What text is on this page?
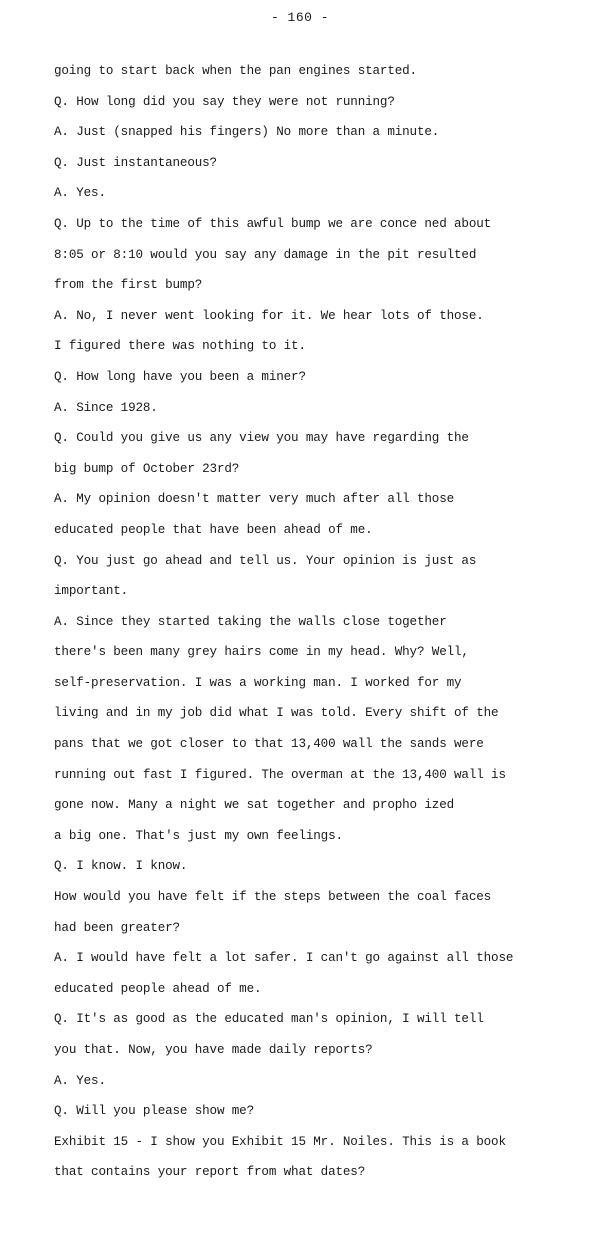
- 160 -
going to start back when the pan engines started.
Q. How long did you say they were not running?
A. Just (snapped his fingers) No more than a minute.
Q. Just instantaneous?
A. Yes.
Q. Up to the time of this awful bump we are conce ned about
8:05 or 8:10 would you say any damage in the pit resulted
from the first bump?
A. No, I never went looking for it. We hear lots of those.
I figured there was nothing to it.
Q. How long have you been a miner?
A. Since 1928.
Q. Could you give us any view you may have regarding the
big bump of October 23rd?
A. My opinion doesn't matter very much after all those
educated people that have been ahead of me.
Q. You just go ahead and tell us. Your opinion is just as
important.
A. Since they started taking the walls close together
there's been many grey hairs come in my head. Why? Well,
self-preservation. I was a working man. I worked for my
living and in my job did what I was told. Every shift of the
pans that we got closer to that 13,400 wall the sands were
running out fast I figured. The overman at the 13,400 wall is
gone now. Many a night we sat together and propho ized
a big one. That's just my own feelings.
Q. I know. I know.
How would you have felt if the steps between the coal faces
had been greater?
A. I would have felt a lot safer. I can't go against all those
educated people ahead of me.
Q. It's as good as the educated man's opinion, I will tell
you that. Now, you have made daily reports?
A. Yes.
Q. Will you please show me?
Exhibit 15 - I show you Exhibit 15 Mr. Noiles. This is a book
that contains your report from what dates?
